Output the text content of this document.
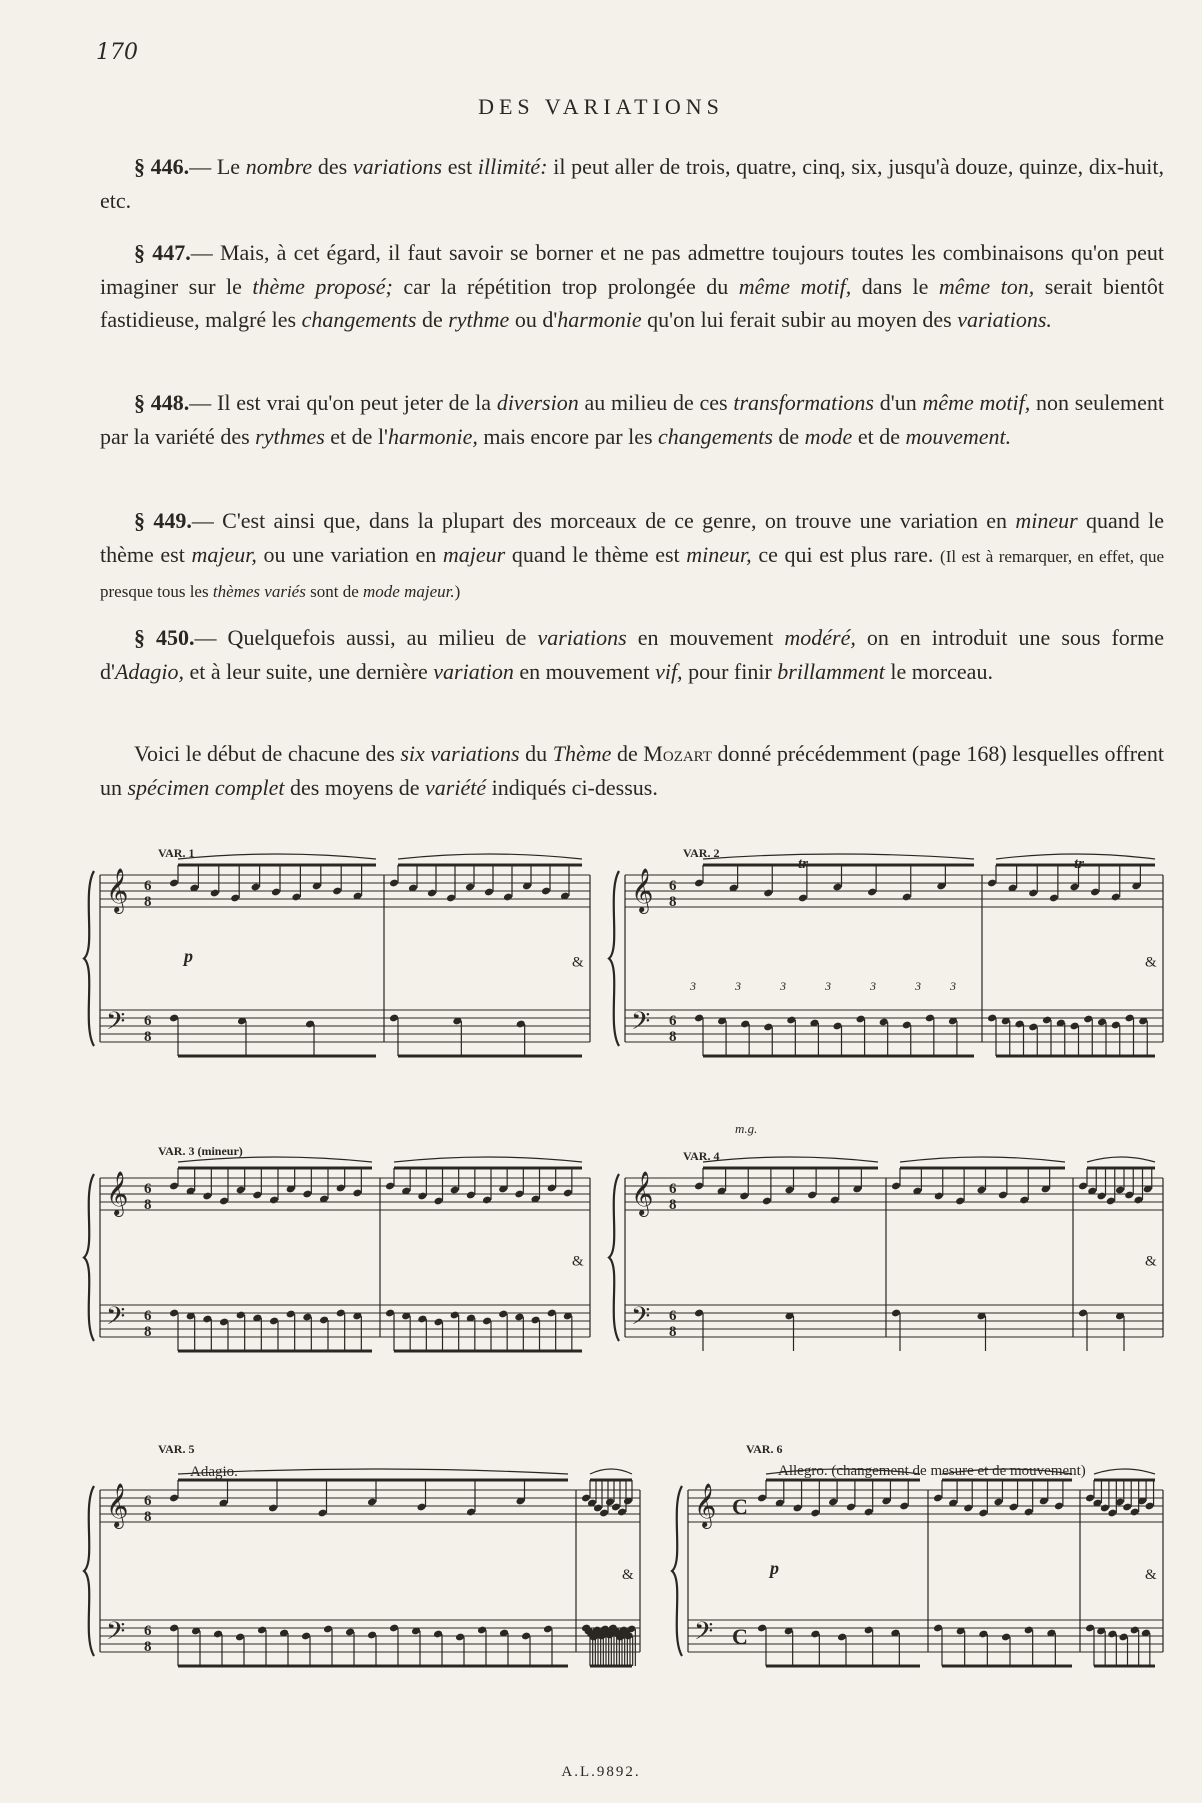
170
DES VARIATIONS
§ 446.— Le nombre des variations est illimité: il peut aller de trois, quatre, cinq, six, jusqu'à douze, quinze, dix-huit, etc.
§ 447.— Mais, à cet égard, il faut savoir se borner et ne pas admettre toujours toutes les combinaisons qu'on peut imaginer sur le thème proposé; car la répétition trop prolongée du même motif, dans le même ton, serait bientôt fastidieuse, malgré les changements de rythme ou d'harmonie qu'on lui ferait subir au moyen des variations.
§ 448.— Il est vrai qu'on peut jeter de la diversion au milieu de ces transformations d'un même motif, non seulement par la variété des rythmes et de l'harmonie, mais encore par les changements de mode et de mouvement.
§ 449.— C'est ainsi que, dans la plupart des morceaux de ce genre, on trouve une variation en mineur quand le thème est majeur, ou une variation en majeur quand le thème est mineur, ce qui est plus rare. (Il est à remarquer, en effet, que presque tous les thèmes variés sont de mode majeur.)
§ 450.— Quelquefois aussi, au milieu de variations en mouvement modéré, on en introduit une sous forme d'Adagio, et à leur suite, une dernière variation en mouvement vif, pour finir brillamment le morceau.
Voici le début de chacune des six variations du Thème de Mozart donné précédemment (page 168) lesquelles offrent un spécimen complet des moyens de variété indiqués ci-dessus.
𝄞
𝄢
6
8
6
8
VAR. 1
p	&
𝄞
𝄢
6
8
6
8
VAR. 2
&
tr	tr
3	3	3	3	3	3 3
𝄞
𝄢
6
8
6
8
VAR. 3 (mineur)
&
𝄞
𝄢
6
8
6
8
VAR. 4
&
m.g.
𝄞
𝄢
6
8
6
8
VAR. 5
Adagio.
&
𝄞
𝄢
C
C
VAR. 6
Allegro. (changement de mesure et de mouvement)
p	&
A.L.9892.
